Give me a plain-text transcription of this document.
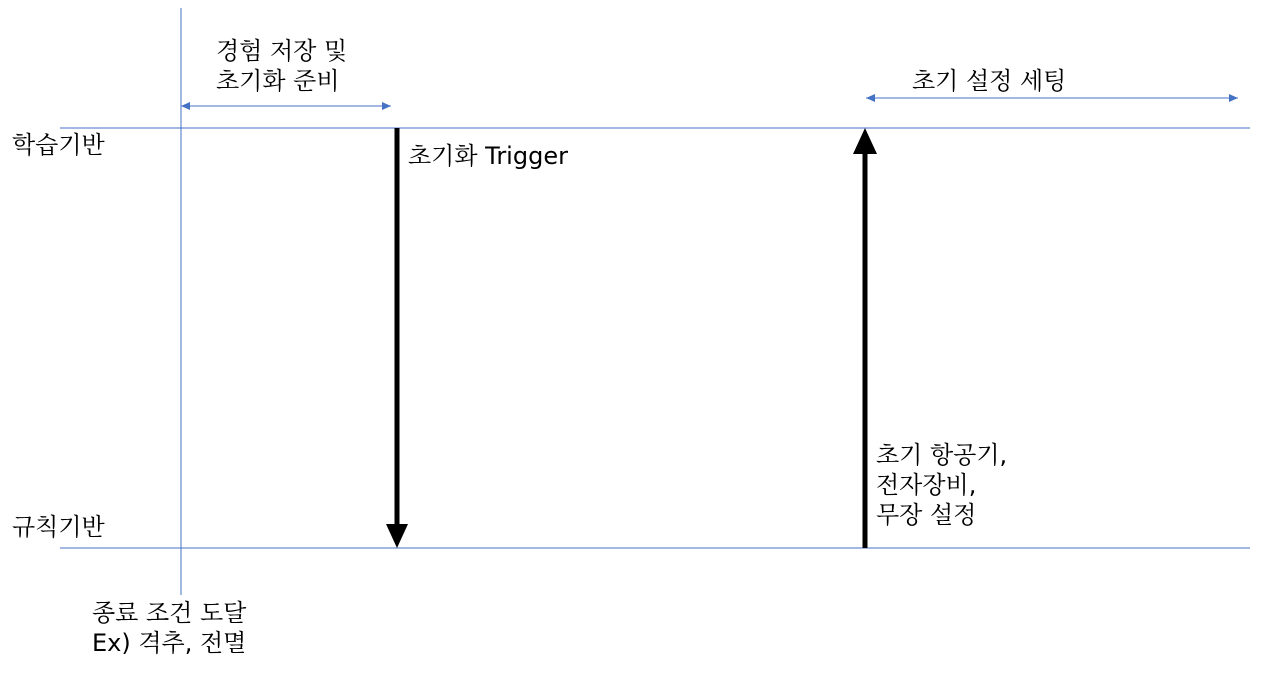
학습기반
규칙기반
경험 저장 및
초기화 준비	초기 설정 세팅
초기화 Trigger
초기 항공기,
전자장비,
무장 설정
종료 조건 도달
Ex) 격추, 전멸
